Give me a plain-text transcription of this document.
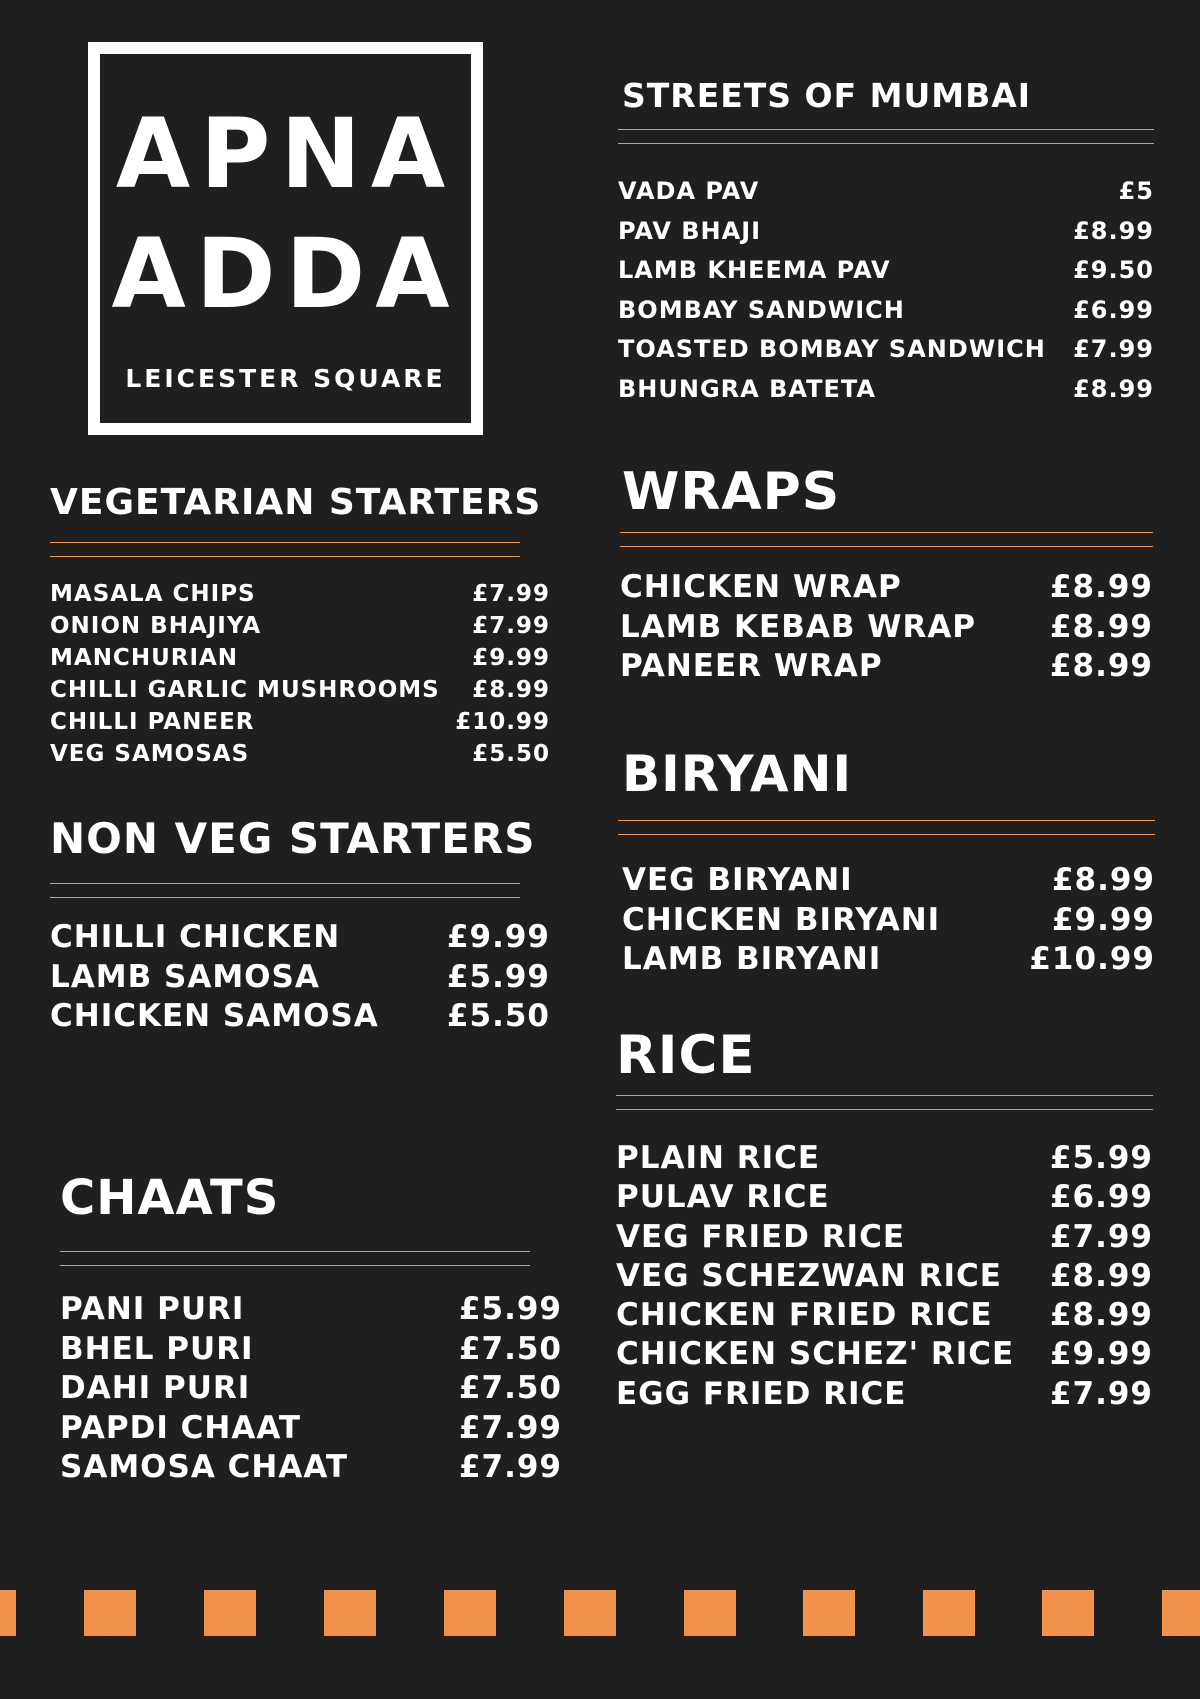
APNA
ADDA
LEICESTER SQUARE
STREETS OF MUMBAI
VADA PAV	£5
PAV BHAJI	£8.99
LAMB KHEEMA PAV	£9.50
BOMBAY SANDWICH	£6.99
TOASTED BOMBAY SANDWICH £7.99
BHUNGRA BATETA	£8.99
VEGETARIAN STARTERS
MASALA CHIPS	£7.99
ONION BHAJIYA	£7.99
MANCHURIAN	£9.99
CHILLI GARLIC MUSHROOMS £8.99
CHILLI PANEER	£10.99
VEG SAMOSAS	£5.50
WRAPS
CHICKEN WRAP	£8.99
LAMB KEBAB WRAP £8.99
PANEER WRAP	£8.99
BIRYANI
VEG BIRYANI	£8.99
CHICKEN BIRYANI	£9.99
LAMB BIRYANI	£10.99
NON VEG STARTERS
CHILLI CHICKEN	£9.99
LAMB SAMOSA	£5.99
CHICKEN SAMOSA £5.50
RICE
PLAIN RICE	£5.99
PULAV RICE	£6.99
VEG FRIED RICE	£7.99
VEG SCHEZWAN RICE £8.99
CHICKEN FRIED RICE £8.99
CHICKEN SCHEZ' RICE £9.99
EGG FRIED RICE	£7.99
CHAATS
PANI PURI	£5.99
BHEL PURI	£7.50
DAHI PURI	£7.50
PAPDI CHAAT	£7.99
SAMOSA CHAAT	£7.99
